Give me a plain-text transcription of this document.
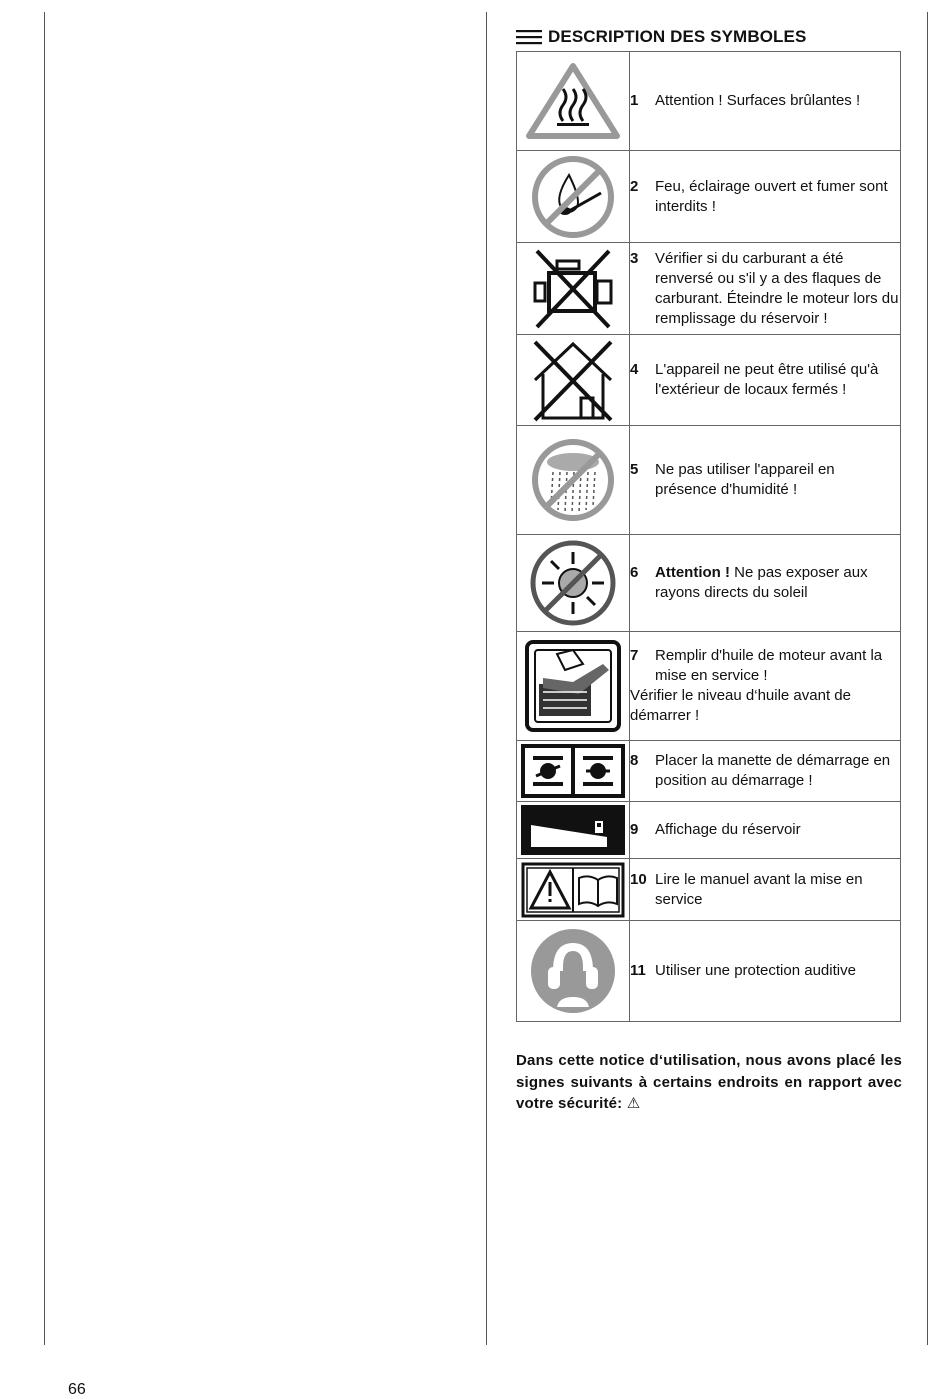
DESCRIPTION DES SYMBOLES

1 Attention ! Surfaces brûlantes !

2 Feu, éclairage ouvert et fumer sont interdits !

3 Vérifier si du carburant a été renversé ou s'il y a des flaques de carburant. Éteindre le moteur lors du remplissage du réservoir !

4 L'appareil ne peut être utilisé qu'à l'extérieur de locaux fermés !

5 Ne pas utiliser l'appareil en présence d'humidité !

6 Attention ! Ne pas exposer aux rayons directs du soleil

7 Remplir d'huile de moteur avant la mise en service !
Vérifier le niveau d‘huile avant de démarrer !

8 Placer la manette de démarrage en position au démarrage !

9 Affichage du réservoir

10 Lire le manuel avant la mise en service

11 Utiliser une protection auditive
Dans cette notice d‘utilisation, nous avons placé les signes suivants à certains endroits en rapport avec votre sécurité: ⚠
66
